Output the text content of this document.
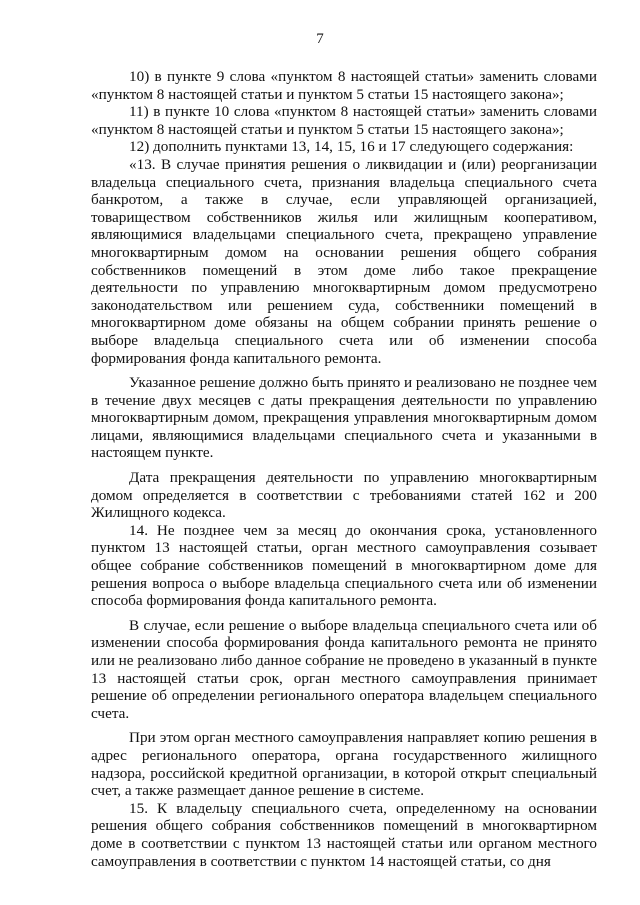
7

10) в пункте 9 слова «пунктом 8 настоящей статьи» заменить словами «пунктом 8 настоящей статьи и пунктом 5 статьи 15 настоящего закона»;

11) в пункте 10 слова «пунктом 8 настоящей статьи» заменить словами «пунктом 8 настоящей статьи и пунктом 5 статьи 15 настоящего закона»;

12) дополнить пунктами 13, 14, 15, 16 и 17 следующего содержания:

«13. В случае принятия решения о ликвидации и (или) реорганизации владельца специального счета, признания владельца специального счета банкротом, а также в случае, если управляющей организацией, товариществом собственников жилья или жилищным кооперативом, являющимися владельцами специального счета, прекращено управление многоквартирным домом на основании решения общего собрания собственников помещений в этом доме либо такое прекращение деятельности по управлению многоквартирным домом предусмотрено законодательством или решением суда, собственники помещений в многоквартирном доме обязаны на общем собрании принять решение о выборе владельца специального счета или об изменении способа формирования фонда капитального ремонта.

Указанное решение должно быть принято и реализовано не позднее чем в течение двух месяцев с даты прекращения деятельности по управлению многоквартирным домом, прекращения управления многоквартирным домом лицами, являющимися владельцами специального счета и указанными в настоящем пункте.

Дата прекращения деятельности по управлению многоквартирным домом определяется в соответствии с требованиями статей 162 и 200 Жилищного кодекса.

14. Не позднее чем за месяц до окончания срока, установленного пунктом 13 настоящей статьи, орган местного самоуправления созывает общее собрание собственников помещений в многоквартирном доме для решения вопроса о выборе владельца специального счета или об изменении способа формирования фонда капитального ремонта.

В случае, если решение о выборе владельца специального счета или об изменении способа формирования фонда капитального ремонта не принято или не реализовано либо данное собрание не проведено в указанный в пункте 13 настоящей статьи срок, орган местного самоуправления принимает решение об определении регионального оператора владельцем специального счета.

При этом орган местного самоуправления направляет копию решения в адрес регионального оператора, органа государственного жилищного надзора, российской кредитной организации, в которой открыт специальный счет, а также размещает данное решение в системе.

15. К владельцу специального счета, определенному на основании решения общего собрания собственников помещений в многоквартирном доме в соответствии с пунктом 13 настоящей статьи или органом местного самоуправления в соответствии с пунктом 14 настоящей статьи, со дня
